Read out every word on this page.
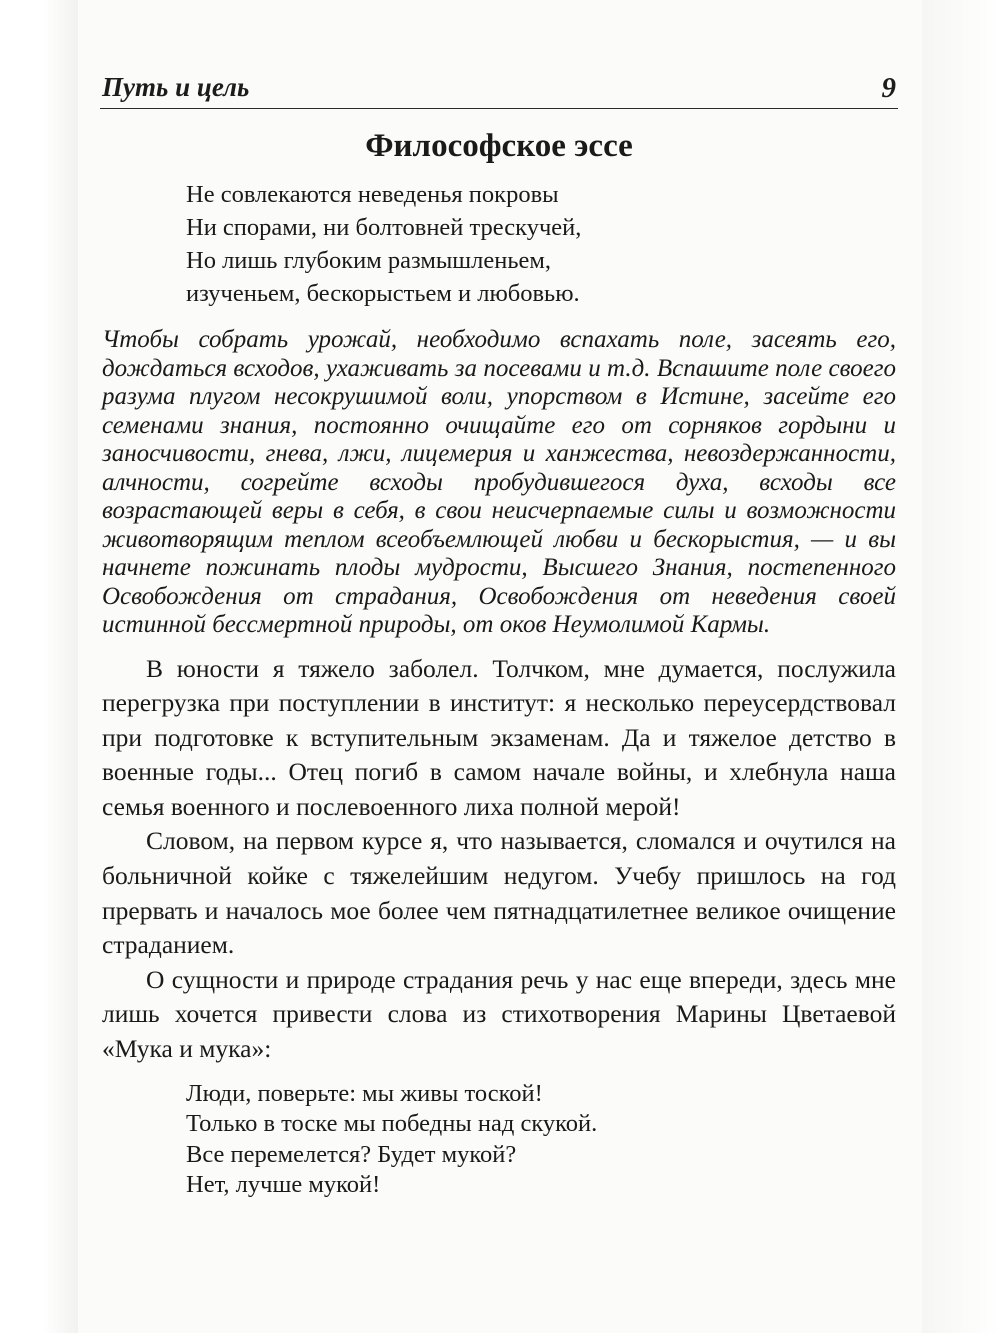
Путь и цель	9
Философское эссе
Не совлекаются неведенья покровы
Ни спорами, ни болтовней трескучей,
Но лишь глубоким размышленьем,
изученьем, бескорыстьем и любовью.

Чтобы собрать урожай, необходимо вспахать поле, засеять его, дождаться всходов, ухаживать за посевами и т.д. Вспашите поле своего разума плугом несокрушимой воли, упорством в Истине, засейте его семенами знания, постоянно очищайте его от сорняков гордыни и заносчивости, гнева, лжи, лицемерия и ханжества, невоздержанности, алчности, согрейте всходы пробудившегося духа, всходы все возрастающей веры в себя, в свои неисчерпаемые силы и возможности животворящим теплом всеобъемлющей любви и бескорыстия, — и вы начнете пожинать плоды мудрости, Высшего Знания, постепенного Освобождения от страдания, Освобождения от неведения своей истинной бессмертной природы, от оков Неумолимой Кармы.

В юности я тяжело заболел. Толчком, мне думается, послужила перегрузка при поступлении в институт: я несколько переусердствовал при подготовке к вступительным экзаменам. Да и тяжелое детство в военные годы... Отец погиб в самом начале войны, и хлебнула наша семья военного и послевоенного лиха полной мерой!

Словом, на первом курсе я, что называется, сломался и очутился на больничной койке с тяжелейшим недугом. Учебу пришлось на год прервать и началось мое более чем пятнадцатилетнее великое очищение страданием.

О сущности и природе страдания речь у нас еще впереди, здесь мне лишь хочется привести слова из стихотворения Марины Цветаевой «Мука и мука»:

Люди, поверьте: мы живы тоской!
Только в тоске мы победны над скукой.
Все перемелется? Будет мукой?
Нет, лучше мукой!
